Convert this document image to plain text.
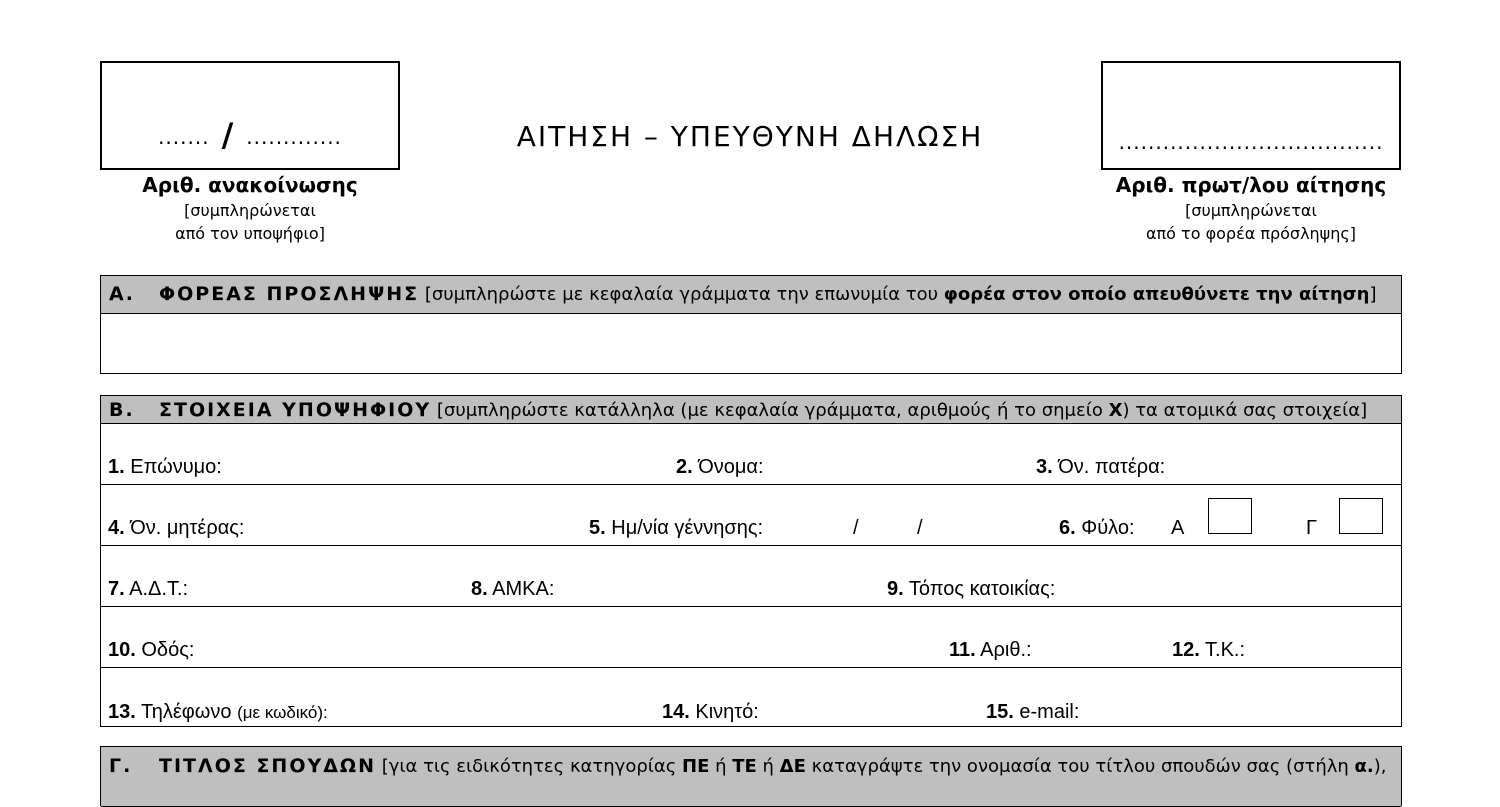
....... / .............
Αριθ. ανακοίνωσης
[συμπληρώνεται
από τον υποψήφιο]
ΑΙΤΗΣΗ – ΥΠΕΥΘΥΝΗ ΔΗΛΩΣΗ	....................................
Αριθ. πρωτ/λου αίτησης
[συμπληρώνεται
από το φορέα πρόσληψης]
Α. ΦΟΡΕΑΣ ΠΡΟΣΛΗΨΗΣ [συμπληρώστε με κεφαλαία γράμματα την επωνυμία του φορέα στον οποίο απευθύνετε την αίτηση]
Β. ΣΤΟΙΧΕΙΑ ΥΠΟΨΗΦΙΟΥ [συμπληρώστε κατάλληλα (με κεφαλαία γράμματα, αριθμούς ή το σημείο Χ) τα ατομικά σας στοιχεία]
1. Επώνυμο:	2. Όνομα:	3. Όν. πατέρα:
4. Όν. μητέρας:	5. Ημ/νία γέννησης:	/	/	6. Φύλο: Α	Γ
7. Α.Δ.Τ.:	8. ΑΜΚΑ:	9. Τόπος κατοικίας:
10. Οδός:	11. Αριθ.:	12. Τ.Κ.:
13. Τηλέφωνο (με κωδικό):	14. Κινητό:	15. e-mail:
Γ. ΤΙΤΛΟΣ ΣΠΟΥΔΩΝ [για τις ειδικότητες κατηγορίας ΠΕ ή ΤΕ ή ΔΕ καταγράψτε την ονομασία του τίτλου σπουδών σας (στήλη α.),
